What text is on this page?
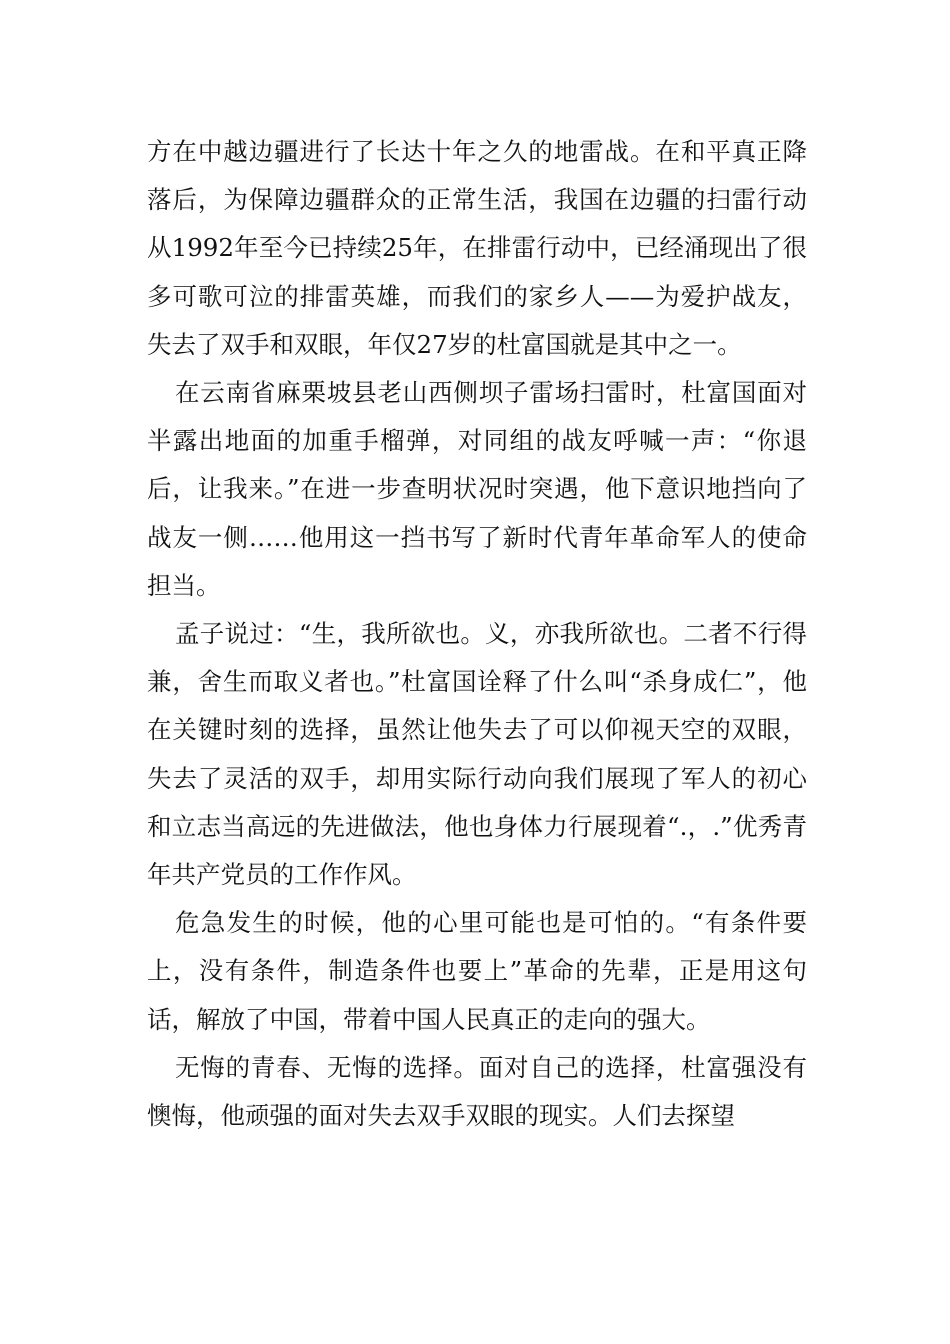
方在中越边疆进行了长达十年之久的地雷战。在和平真正降落后，为保障边疆群众的正常生活，我国在边疆的扫雷行动从1992年至今已持续25年，在排雷行动中，已经涌现出了很多可歌可泣的排雷英雄，而我们的家乡人——为爱护战友，失去了双手和双眼，年仅27岁的杜富国就是其中之一。

在云南省麻栗坡县老山西侧坝子雷场扫雷时，杜富国面对半露出地面的加重手榴弹，对同组的战友呼喊一声：“你退后，让我来。”在进一步查明状况时突遇，他下意识地挡向了战友一侧……他用这一挡书写了新时代青年革命军人的使命担当。

孟子说过：“生，我所欲也。义，亦我所欲也。二者不行得兼，舍生而取义者也。”杜富国诠释了什么叫“杀身成仁”，他在关键时刻的选择，虽然让他失去了可以仰视天空的双眼，失去了灵活的双手，却用实际行动向我们展现了军人的初心和立志当高远的先进做法，他也身体力行展现着“.，.”优秀青年共产党员的工作作风。

危急发生的时候，他的心里可能也是可怕的。“有条件要上，没有条件，制造条件也要上”革命的先辈，正是用这句话，解放了中国，带着中国人民真正的走向的强大。

无悔的青春、无悔的选择。面对自己的选择，杜富强没有懊悔，他顽强的面对失去双手双眼的现实。人们去探望
